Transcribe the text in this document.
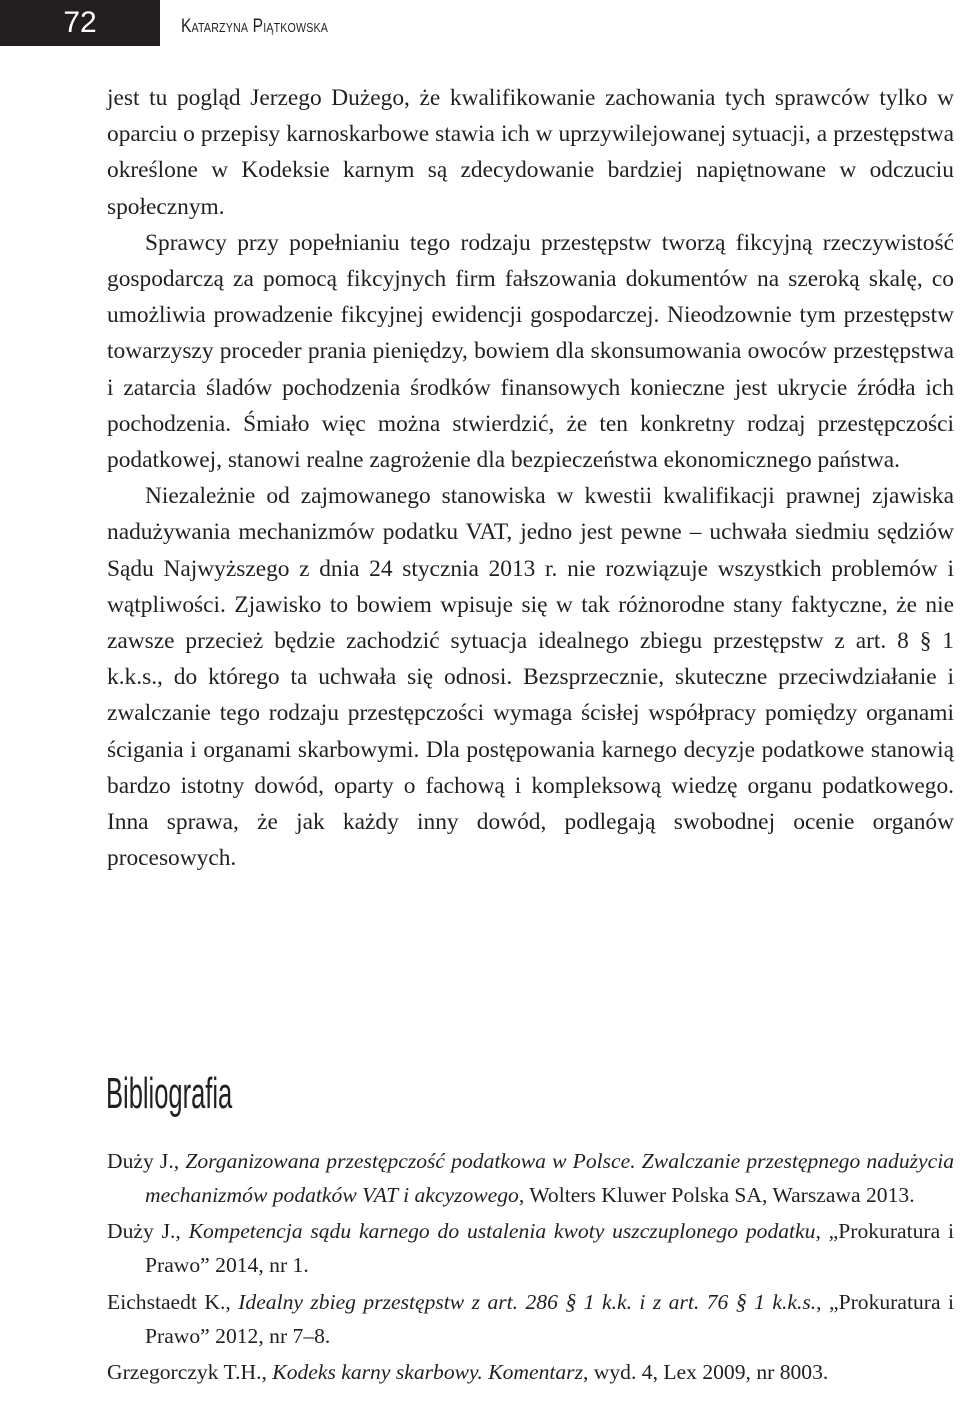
72	Katarzyna Piątkowska

jest tu pogląd Jerzego Dużego, że kwalifikowanie zachowania tych sprawców tylko w oparciu o przepisy karnoskarbowe stawia ich w uprzywilejowanej sytuacji, a przestępstwa określone w Kodeksie karnym są zdecydowanie bardziej napiętnowane w odczuciu społecznym.

Sprawcy przy popełnianiu tego rodzaju przestępstw tworzą fikcyjną rzeczywistość gospodarczą za pomocą fikcyjnych firm fałszowania dokumentów na szeroką skalę, co umożliwia prowadzenie fikcyjnej ewidencji gospodarczej. Nieodzownie tym przestępstw towarzyszy proceder prania pieniędzy, bowiem dla skonsumowania owoców przestępstwa i zatarcia śladów pochodzenia środków finansowych konieczne jest ukrycie źródła ich pochodzenia. Śmiało więc można stwierdzić, że ten konkretny rodzaj przestępczości podatkowej, stanowi realne zagrożenie dla bezpieczeństwa ekonomicznego państwa.

Niezależnie od zajmowanego stanowiska w kwestii kwalifikacji prawnej zjawiska nadużywania mechanizmów podatku VAT, jedno jest pewne – uchwała siedmiu sędziów Sądu Najwyższego z dnia 24 stycznia 2013 r. nie rozwiązuje wszystkich problemów i wątpliwości. Zjawisko to bowiem wpisuje się w tak różnorodne stany faktyczne, że nie zawsze przecież będzie zachodzić sytuacja idealnego zbiegu przestępstw z art. 8 § 1 k.k.s., do którego ta uchwała się odnosi. Bezsprzecznie, skuteczne przeciwdziałanie i zwalczanie tego rodzaju przestępczości wymaga ścisłej współpracy pomiędzy organami ścigania i organami skarbowymi. Dla postępowania karnego decyzje podatkowe stanowią bardzo istotny dowód, oparty o fachową i kompleksową wiedzę organu podatkowego. Inna sprawa, że jak każdy inny dowód, podlegają swobodnej ocenie organów procesowych.

Bibliografia

Duży J., Zorganizowana przestępczość podatkowa w Polsce. Zwalczanie przestępnego nadużycia mechanizmów podatków VAT i akcyzowego, Wolters Kluwer Polska SA, Warszawa 2013.

Duży J., Kompetencja sądu karnego do ustalenia kwoty uszczuplonego podatku, „Prokuratura i Prawo” 2014, nr 1.

Eichstaedt K., Idealny zbieg przestępstw z art. 286 § 1 k.k. i z art. 76 § 1 k.k.s., „Prokuratura i Prawo” 2012, nr 7–8.

Grzegorczyk T.H., Kodeks karny skarbowy. Komentarz, wyd. 4, Lex 2009, nr 8003.
